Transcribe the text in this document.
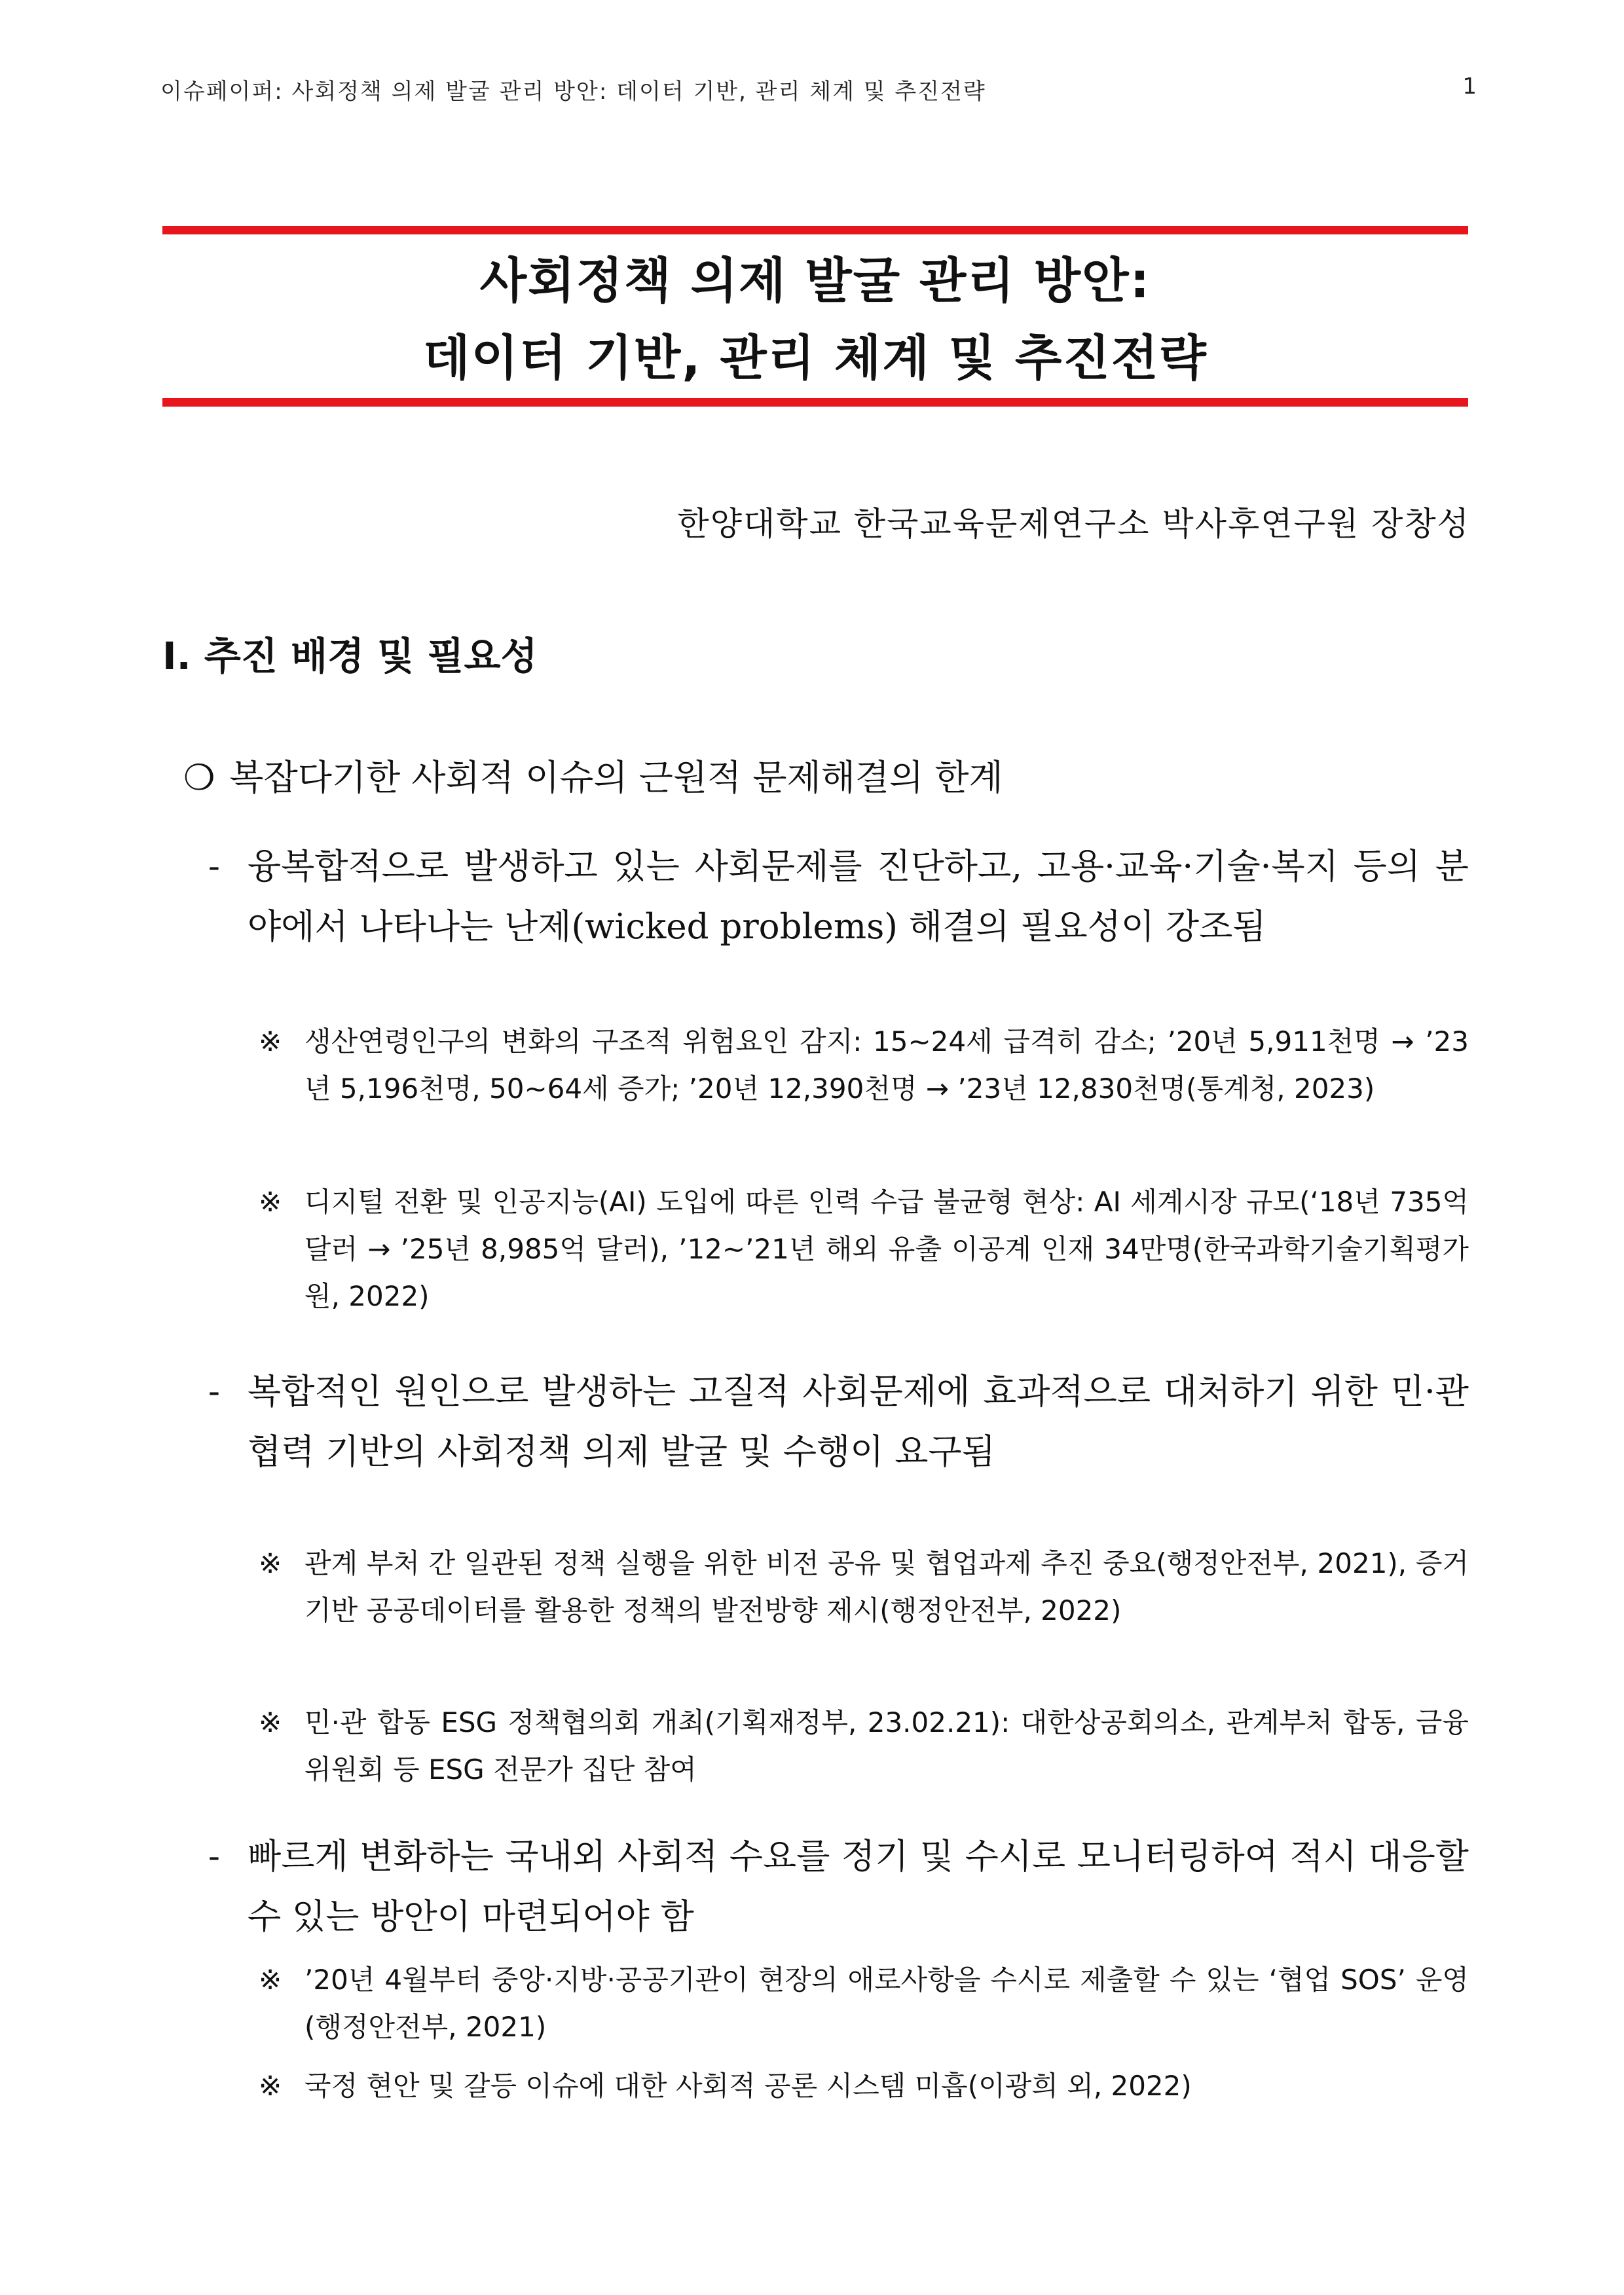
이슈페이퍼: 사회정책 의제 발굴 관리 방안: 데이터 기반, 관리 체계 및 추진전략	1
사회정책 의제 발굴 관리 방안:
데이터 기반, 관리 체계 및 추진전략
한양대학교 한국교육문제연구소 박사후연구원 장창성
Ⅰ. 추진 배경 및 필요성
❍ 복잡다기한 사회적 이슈의 근원적 문제해결의 한계
- 융복합적으로 발생하고 있는 사회문제를 진단하고, 고용·교육·기술·복지 등의 분야에서 나타나는 난제(wicked problems) 해결의 필요성이 강조됨
※ 생산연령인구의 변화의 구조적 위험요인 감지: 15~24세 급격히 감소; ’20년 5,911천명 → ’23년 5,196천명, 50~64세 증가; ’20년 12,390천명 → ’23년 12,830천명(통계청, 2023)
※ 디지털 전환 및 인공지능(AI) 도입에 따른 인력 수급 불균형 현상: AI 세계시장 규모(‘18년 735억 달러 → ’25년 8,985억 달러), ’12∼’21년 해외 유출 이공계 인재 34만명(한국과학기술기획평가원, 2022)
- 복합적인 원인으로 발생하는 고질적 사회문제에 효과적으로 대처하기 위한 민·관 협력 기반의 사회정책 의제 발굴 및 수행이 요구됨
※ 관계 부처 간 일관된 정책 실행을 위한 비전 공유 및 협업과제 추진 중요(행정안전부, 2021), 증거 기반 공공데이터를 활용한 정책의 발전방향 제시(행정안전부, 2022)
※ 민·관 합동 ESG 정책협의회 개최(기획재정부, 23.02.21): 대한상공회의소, 관계부처 합동, 금융위원회 등 ESG 전문가 집단 참여
- 빠르게 변화하는 국내외 사회적 수요를 정기 및 수시로 모니터링하여 적시 대응할 수 있는 방안이 마련되어야 함
※ ’20년 4월부터 중앙·지방·공공기관이 현장의 애로사항을 수시로 제출할 수 있는 ‘협업 SOS’ 운영(행정안전부, 2021)
※ 국정 현안 및 갈등 이슈에 대한 사회적 공론 시스템 미흡(이광희 외, 2022)
